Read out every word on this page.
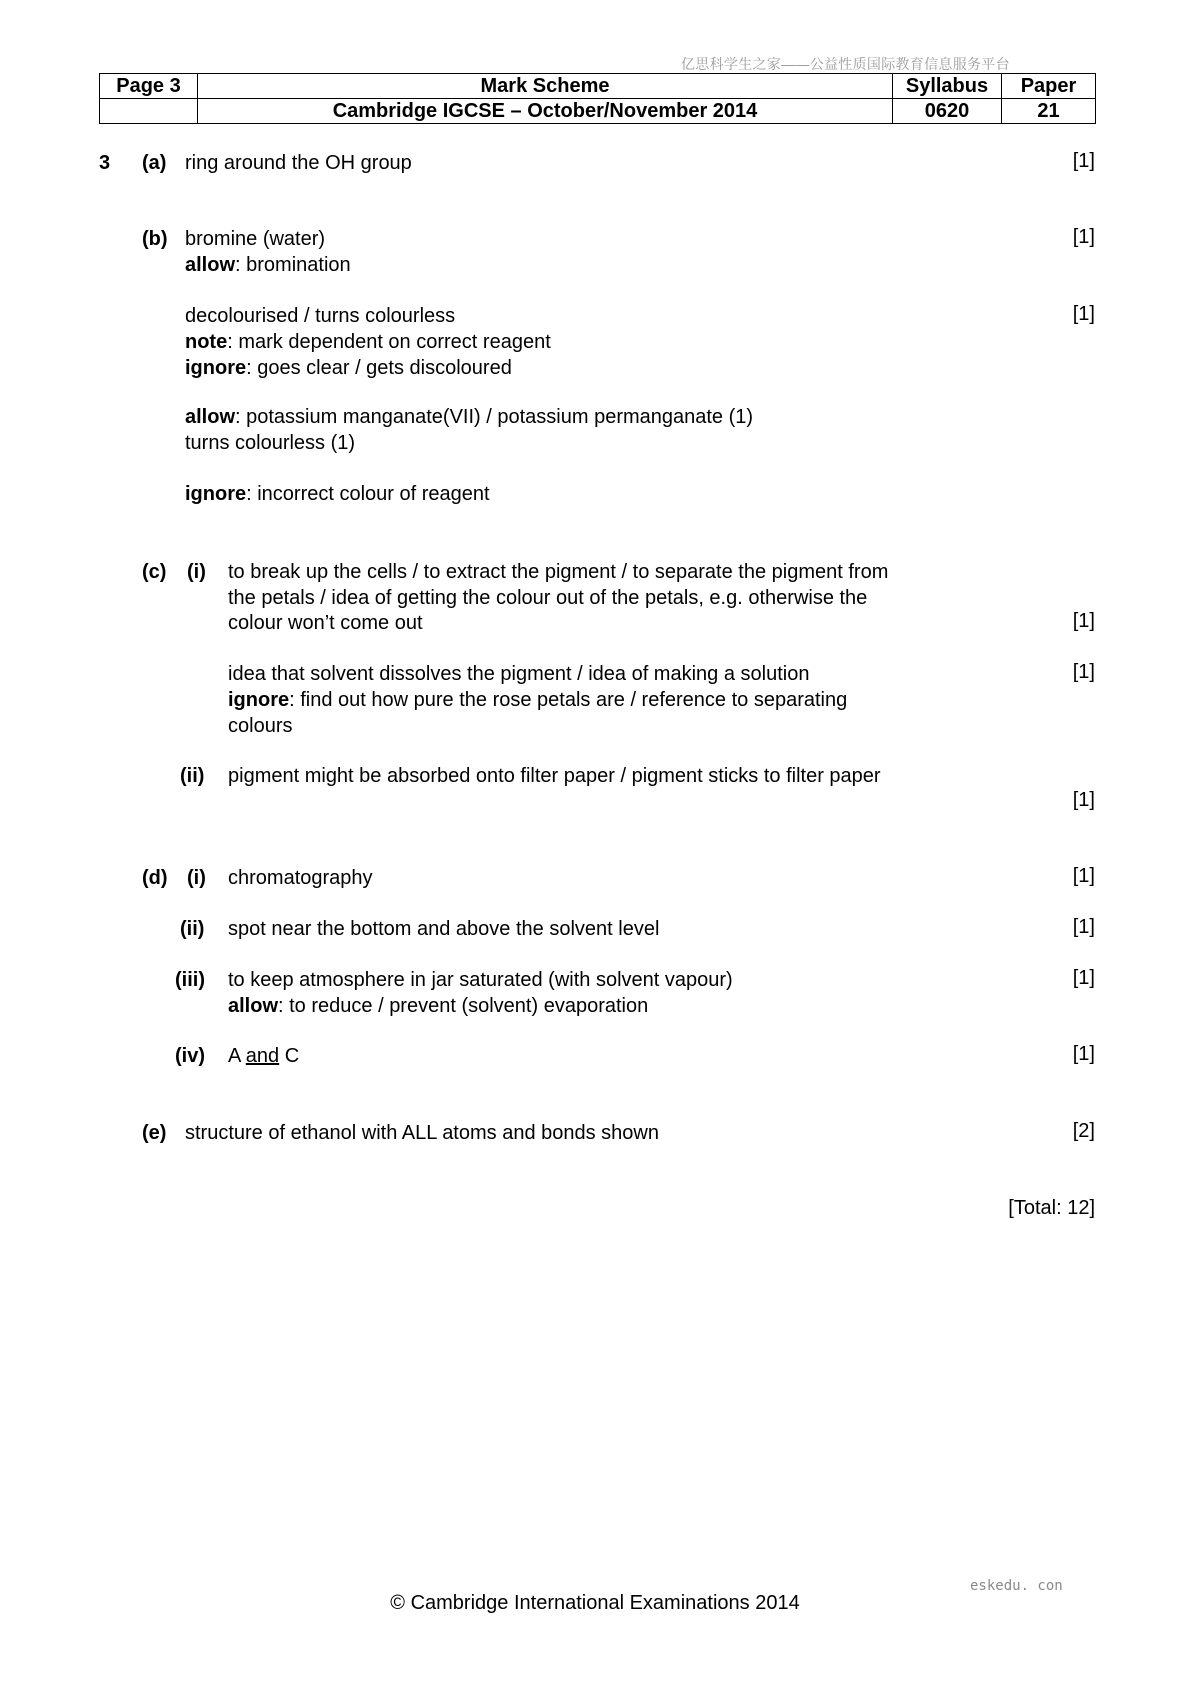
亿思科学生之家——公益性质国际教育信息服务平台
Page 3	Mark Scheme	Syllabus	Paper
	Cambridge IGCSE – October/November 2014	0620	21
3 (a) ring around the OH group	[1]
(b) bromine (water)	[1]
allow: bromination
decolourised / turns colourless	[1]
note: mark dependent on correct reagent
ignore: goes clear / gets discoloured
allow: potassium manganate(VII) / potassium permanganate (1)
turns colourless (1)
ignore: incorrect colour of reagent
(c) (i) to break up the cells / to extract the pigment / to separate the pigment from
the petals / idea of getting the colour out of the petals, e.g. otherwise the
colour won’t come out	[1]
idea that solvent dissolves the pigment / idea of making a solution	[1]
ignore: find out how pure the rose petals are / reference to separating
colours
(ii) pigment might be absorbed onto filter paper / pigment sticks to filter paper
[1]
(d) (i) chromatography	[1]
(ii) spot near the bottom and above the solvent level	[1]
(iii) to keep atmosphere in jar saturated (with solvent vapour)	[1]
allow: to reduce / prevent (solvent) evaporation
(iv) A and C	[1]
(e) structure of ethanol with ALL atoms and bonds shown	[2]
[Total: 12]
eskedu. con
© Cambridge International Examinations 2014
